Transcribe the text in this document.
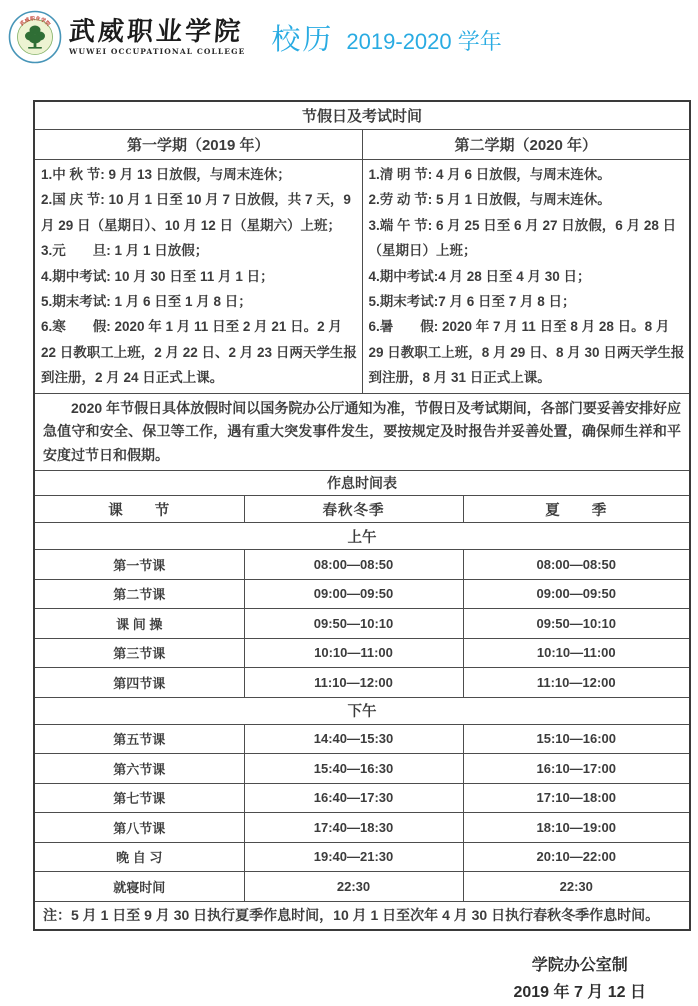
武威职业学院 武威职业学院
WUWEI OCCUPATIONAL COLLEGE 校历 2019-2020 学年
节假日及考试时间			
第一学期（2019 年）		第二学期（2020 年）	

1.中 秋 节: 9 月 13 日放假，与周末连休；
2.国 庆 节: 10 月 1 日至 10 月 7 日放假，共 7 天，9 月 29 日（星期日）、10 月 12 日（星期六）上班；
3.元　　旦: 1 月 1 日放假；
4.期中考试: 10 月 30 日至 11 月 1 日；
5.期末考试: 1 月 6 日至 1 月 8 日；
6.寒　　假: 2020 年 1 月 11 日至 2 月 21 日。2 月 22 日教职工上班，2 月 22 日、2 月 23 日两天学生报到注册，2 月 24 日正式上课。

1.清 明 节: 4 月 6 日放假，与周末连休。
2.劳 动 节: 5 月 1 日放假，与周末连休。
3.端 午 节: 6 月 25 日至 6 月 27 日放假，6 月 28 日（星期日）上班；
4.期中考试:4 月 28 日至 4 月 30 日；
5.期末考试:7 月 6 日至 7 月 8 日；
6.暑　　假: 2020 年 7 月 11 日至 8 月 28 日。8 月 29 日教职工上班，8 月 29 日、8 月 30 日两天学生报到注册，8 月 31 日正式上课。

2020 年节假日具体放假时间以国务院办公厅通知为准，节假日及考试期间，各部门要妥善安排好应急值守和安全、保卫等工作，遇有重大突发事件发生，要按规定及时报告并妥善处置，确保师生祥和平安度过节日和假期。			
作息时间表			
课　　节	春秋冬季		夏　　季
上午			
第一节课	08:00—08:50		08:00—08:50
第二节课	09:00—09:50		09:00—09:50
课 间 操	09:50—10:10		09:50—10:10
第三节课	10:10—11:00		10:10—11:00
第四节课	11:10—12:00		11:10—12:00
下午			
第五节课	14:40—15:30		15:10—16:00
第六节课	15:40—16:30		16:10—17:00
第七节课	16:40—17:30		17:10—18:00
第八节课	17:40—18:30		18:10—19:00
晚 自 习	19:40—21:30		20:10—22:00
就寝时间	22:30		22:30
注：5 月 1 日至 9 月 30 日执行夏季作息时间，10 月 1 日至次年 4 月 30 日执行春秋冬季作息时间。			
学院办公室制
2019 年 7 月 12 日
